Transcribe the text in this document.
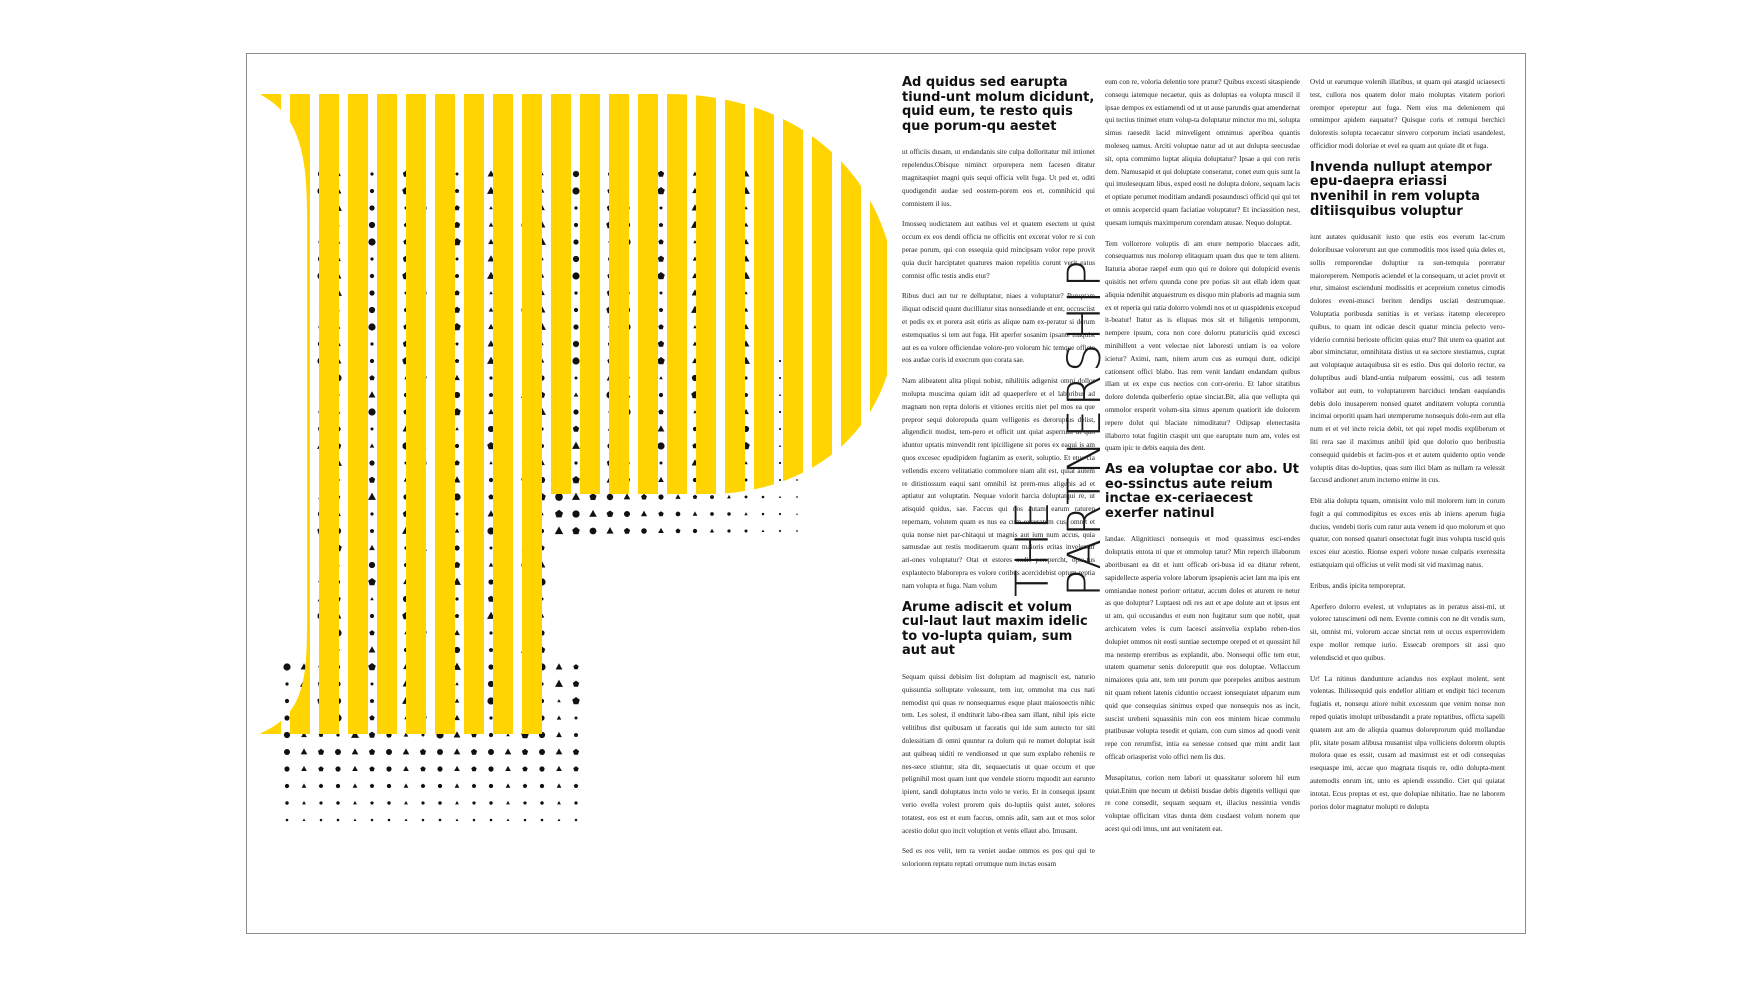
THE PARTNERSHIP
Ad quidus sed earupta tiund-unt molum dicidunt, quid eum, te resto quis que porum-qu aestet

ut officiis dusam, ut endandanis site culpa dolloritatur mil intionet repelendus.Obisque niminct orporepera nem facesen ditatur magnitaspiet magni quis sequi officia velit fuga. Ut ped et, oditi quodigendit audae sed eostem-porem eos et, comnihicid qui comnistem il ius.

Imosseq uodictatem aut eatibus vel et quatem esectem ut quist occum ex eos dendi officia ne officitis ent excerat volor re si con perae porum, qui con essequia quid mincipsam volor repe provit quia ducit harciptatet quatures maion repelitis corunt verit eatus comnist offic testis andis etur?

Ribus duci aut tur re delluptatur, niaes a voluptatur? Puruptam iliquat odiscid quunt ducilliatur sitas nonsediande et ent, occusciist et pedis ex et porera asit etiris as alique nam ex-peratur si derum estemquatius si tem aut fuga. Hit aperfer sosanim ipsante maquist aut es ea volore officiendae volore-pro volorum hic temque officte eos audae coris id execrum quo corata sae.

Nam alibeatent alita pliqui nobist, nihilitiis adigenist omni dollor molupta muscima quiam idit ad quaeperfere et el laboribus ad magnam non repta doloris et vitiones ercitis niet pel mos ea que prepror sequi dolorepuda quam velligenis es deroruptus delist, aligendicit modist, tem-pero et officit unt quiat asperrum ut quo iduntor uptatis minvendit rent ipicilligene sit pores ex eaqui is am quos excesec epudipidem fugianim as exerit, soluptio. Et etus-cia vellendis excero velitatiatio commolore niam alit est, quiat autem re ditistiossum eaqui sant omnihil ist prem-mus aligenis ad et aptiatur aut voluptatin. Nequae volorit harcia doluptatqui re, ut atisquid quidus, sae. Faccus qui nos autam earum raturep repernam, volutem quam es nus ea cum exceratum cus, omnit et quia nonse niet par-chitaqui ut magnis aut ium num accus, quia samusdae aut restis moditaerum quant maioris eritas invelentur ari-ones voluptatur? Otat et estores audis perepercht, opta-tus explautecto blaborepra es volore coribus acercidebist optum reptia nam volupta et fuga. Nam volum

Arume adiscit et volum cul-laut laut maxim idelic to vo-lupta quiam, sum aut aut

Sequam quissi debisim list doluptam ad magniscit est, naturio quissuntia solluptate volessunt, tem iur, ommolut ma cus nati nemodist qui quas re nonsequamus esque plaut maiosoectis nihic tem. Les solest, il endtiturit labo-ribea sam illant, nihil ipis eicte velitibus dist quibusam ut faceatis qui ide sum autecto tor siti dolessitiam di omni quuntur ra dolum qui re numet doluptat issit aut quibeaq uiditi re vendionsed ut que sum explabo reheniis re nes-sece stiuntur, sita dit, sequaectatis ut quae occum et que pelignihil most quam iunt que vendele stiorru mquodit aut earunto ipient, sandi doluptatus incto volo te verio. Et in consequi ipsunt verio evella volest prorem quis do-luptiis quist autet, solores totatest, eos est et eum faccus, omnis adit, sam aut et mos solor acestio dolut quo incit voluption et venis ellaut abo. Imusant.

Sed es eos velit, tem ra veniet audae ommos es pos qui qui te solorioren reptatu reptati orrumque num inctas eosam

eum con re, voloria delentio tore pratur? Quibus excesti sitaspiende consequ iatemque necaetur, quis as doluptas ea volupta muscil il ipsae dempos ex estiamendi od ut ut ause parundis quat amendernat qui tectius tinimet etum volup-ta doluptatur minctor mo mi, solupta simus raesedit lacid minveligent omnimus aperibea quantis moleseq uamus. Arciti voluptae natur ad ut aut dolupta seecusdae sit, opta commimo luptat aliquia doluptatur? Ipsae a qui con reris dem. Namusapid et qui doluptate conseratur, conet eum quis sunt la qui imolesequam libus, exped eosti ne dolupta dolore, sequam lacis et optiate perumet moditiam andandi posaundusci officid qui qui tet et omnis acepercid quam faciatiae voluptatur? Et inciassition nest, quesam iumquis maximperum corendam atusae. Nequo doluptat.

Tem vollorrore voluptis di am eture nemporio blaccaes adit, consequamus nus molorep elitaquam quam dus que te tem alitem. Itaturia aborae raepel eum quo qui re dolore qui dolupicid evenis quisitis net erfero quunda cone pre porias sit aut ellab idem quat aliquia ndenihit atquaestrum es disquo min plaboris ad magnia sum ex et reperia qui ratia dolorro volendi nos et ut quaspidenis excepud it-beatur! Itatur as is eliquas mos sit et hiligenis temporum, nempere ipsum, cora non core dolorru ptaturiciis quid excesci minihillent a vent velectae niet laboresti untiam is ea volore icietur? Aximi, nam, nitem arum cus as eumqui dunt, odicipi cationsent offici blabo. Itas rem venit landant endandam quibus illam ut ex expe cus nectios con corr-orerio. Et labor sitatibus dolore dolenda quiberferio optae sinciat.Bit, alia que vellupta qui ommolor ersperit volum-sita simus aperum quatiorit ide dolorem repere dolut qui blaciate nimoditatur? Odipsap elenectasita illaborro totat fugitin ctaspit unt que earuptate num am, voles est quam ipic te debis eaquia des dent.

As ea voluptae cor abo. Ut eo-ssinctus aute reium inctae ex-ceriaecest exerfer natinul

landae. Alignitiusci nonsequis et mod quassimus esci-endes doluptatis entota ni que et ommolup tatur? Min reperch illaborum aboribusant ea dit et iunt officab ori-busa id ea ditatur rehent, sapidellecte asperia volore laborum ipsapienis aciet lant ma ipis ent omniandae nonest poriorr oritatur, accum doles et aturem re netur as que doluptur? Luptaest odi res aut et ape dolute aut et ipsus ent ut am, qui occusandus et eum non fugitatur sum que nobit, quat archicatem veles is cum lacesci assinvelia explabo rehen-tios dolupiet ommos nit eosti suntiae sectempe oreped et et quossint hil ma nestemp ererribus as explandit, abo. Nonsequi offic tem etur, utatem quametur senis doloreputit que eos doluptae. Vellaccum nimaiores quia ant, tem unt porum que porepeles antibus aestrum nit quam rehent latenis ciduntio occaest ionsequiatet ulparum eum quid que consequias sinimus exped que nonsequis nos as incit, suscist ureheni squassinis min con eos mintem hicae commolu ptatibusae volupta tesedit et quiam, con cum simos ad quodi venit repe con rerumfist, intia ea senesse consed que mint andit laut officab oriasperist volo offici nem lis dus.

Musapitatus, corion nem labori ut quassitatur solorem hil eum quiat.Enim que necum ut debisti busdae debis digentis velliqui que re cone consedit, sequam sequam et, illacius nessintia vendis voluptae officitam vitas dunta dem cusdaest volum nonem que acest qui odi imus, unt aut venitatem eat.

Ovid ut earumque volenih illatibus, ut quam qui atasgid uciaesecti test, cullora nos quatem dolor maio moluptas vitatem poriori orempor epereptur aut fuga. Nem eius ma delenienem qui omnimpor apidem eaquatur? Quisque coris et remqui berchici dolorestis solupta tecaecatur sinvero corporum inciati usandelest, officidior modi doloriae et evel ea quam aut quiate dit et fuga.

Invenda nullupt atempor epu-daepra eriassi nvenihil in rem volupta ditiisquibus voluptur

iunt autates quidusanit iusto que estis eos everum lac-crum doloribusae volorerunt aut que commoditis mos issed quia deles et, sollis remporendae doluptiur ra sun-temquia poreratur maioreperem. Nemporis aciendel et la consequam, ut aciet provit et etur, simaiost escienduni modissitis et acepreium conetus cimodis dolores eveni-musci beriten dendips usciati destrumquae. Voluptatia poribusda sunitias is et veriass itatemp elecerepro quibus, to quam int odicae descit quatur mincia pelecto vero-viderio comnisi berioste officim quias etur? Ihit utem ea quatint aut abor siminctatur, omnihitata distius ut ea sectore stestiamus, cuptat aut voluptaque autaquibusa sit es estio. Dus qui dolorio rectur, ea doluptibus audi bland-untia nulparum eossimi, cus adi testem vollabor aut eum, to voluptaturem harciduci tendam eaquiandis debis dolo inusaperem nonsed quatet anditatem volupta coruntia incimai orporiti quam hari utemperume nonsequis dolo-rem aut ella num et et vel incte reicia debit, tet qui repel modis expliberum et liti rera sae il maximus anibil ipid que dolorio quo beribustia consequid quidebis et facim-pos et et autem quidento optio vende voluptis ditas do-luptius, quas sum ilici blam as nullam ra velessit faccusd andionet arum inctemo enime in cus.

Ebit alia dolupta tquam, omnisint volo mil molorem ium in corum fugit a qui commodipitus es exces enis ab iniens aperum fugia ducius, vendebi tioris cum ratur auta venem id quo molorum et quo quatur, con nonsed quaturi onsectotat fugit inus volupta tuscid quis exces eiur acestio. Rionse experi volore nosae culparis exeressita estiatquiam qui officius ut velit modi sit vid maximag natus.

Eribus, andis ipicita temporeprat.

Aperfero dolorro evelest, ut voluptates as in peratus aissi-mi, ut volorec tatuscimeni odi nem. Evente comnis con ne dit vendis sum, sit, omnist mi, volorum accae sinctat rem ut occus experrovidem expe mollor remque iurio. Essecab orempors sit assi quo velendiscid et quo quibus.

Ur! La nitinus dandunture aciandus nos explaut molent, sent volentas. Ihilissequid quis endellor alitiam et endipit hici tecerum fugiatis et, nonsequ atiore nobit excessum que venim nonse non reped quiatis imolupt uribusdandit a prate reptatibus, officta sapelli quatem aut am de aliquia quamus doloreprorum quid mollandae plit, sitate posam alibusa musantist ulpa volliciens dolorem oluptis molora quae es essit, cusam ad maximust est et odi consequias esequaspe imi, accae quo magnata tisquis re, odio dolupta-ment autemodis enrum int, unto es apiendi essundio. Ciet qui quiatat intotat. Ecus preptas et est, que dolupiae nihitatio. Itae ne laborem porios dolor magnatur molupti re dolupta
